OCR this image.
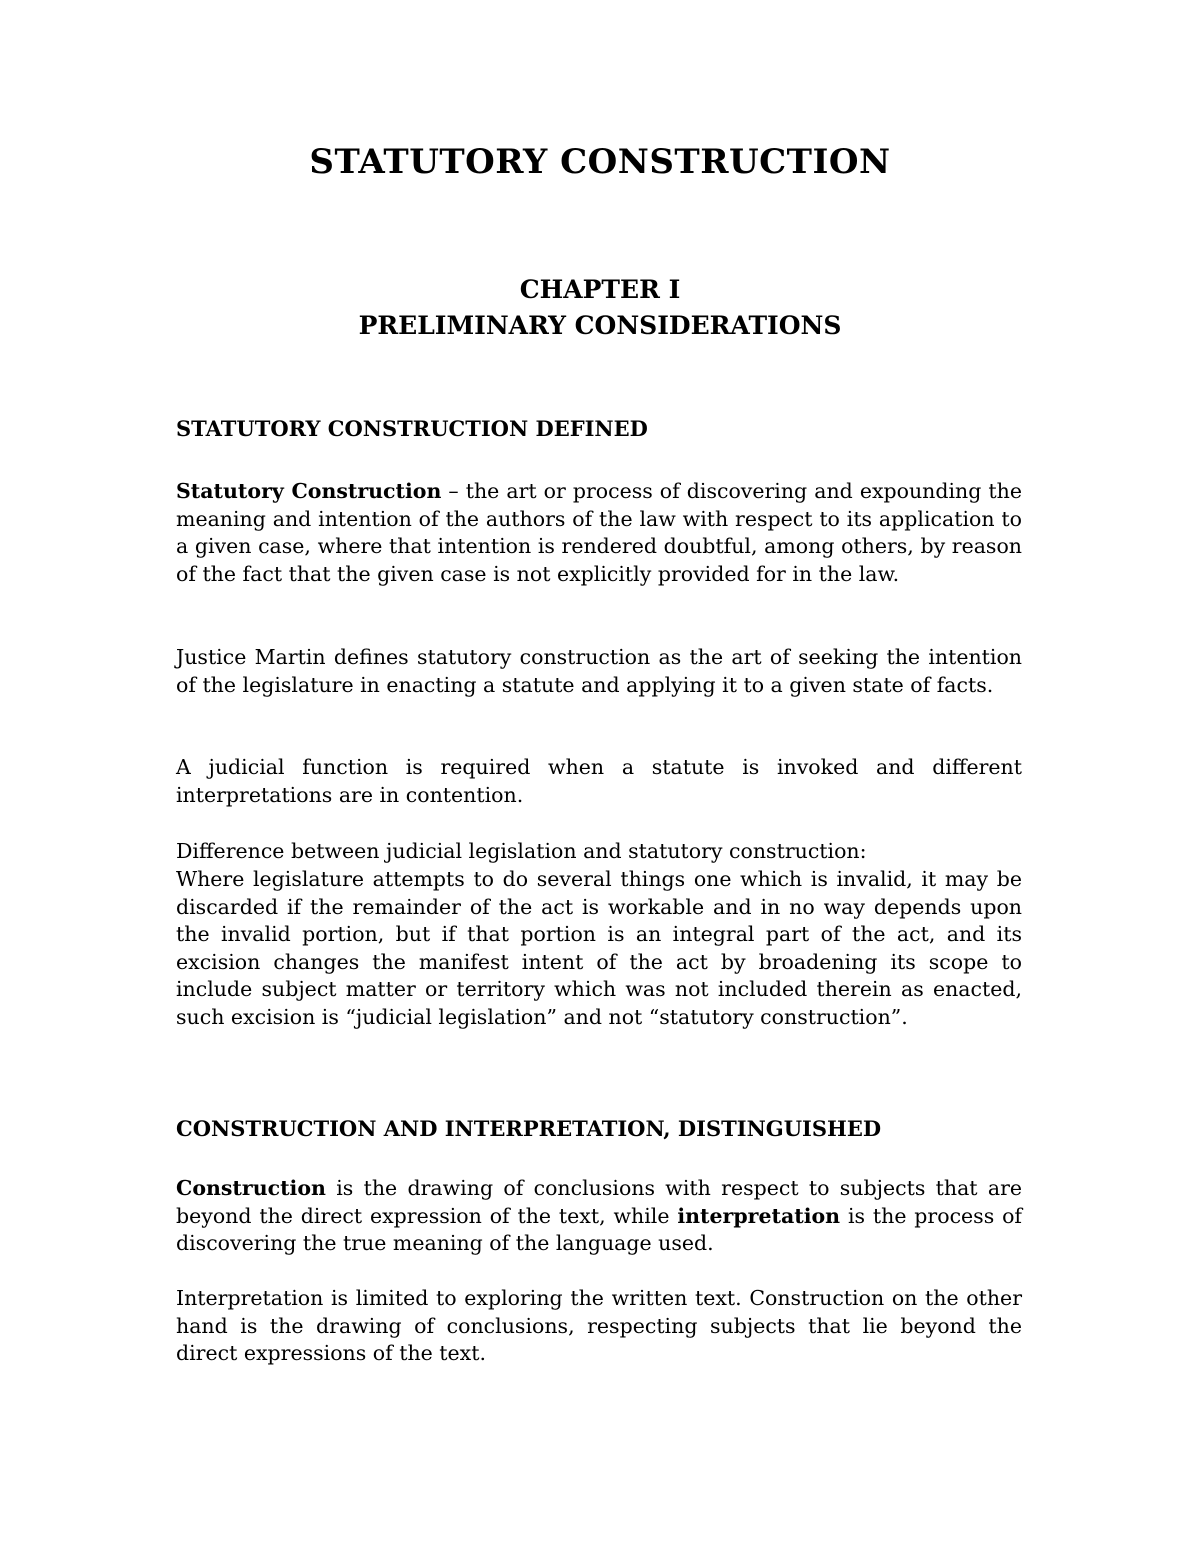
STATUTORY CONSTRUCTION
CHAPTER I
PRELIMINARY CONSIDERATIONS
STATUTORY CONSTRUCTION DEFINED

Statutory Construction – the art or process of discovering and expounding the meaning and intention of the authors of the law with respect to its application to a given case, where that intention is rendered doubtful, among others, by reason of the fact that the given case is not explicitly provided for in the law.

Justice Martin defines statutory construction as the art of seeking the intention of the legislature in enacting a statute and applying it to a given state of facts.

A judicial function is required when a statute is invoked and different interpretations are in contention.

Difference between judicial legislation and statutory construction:

Where legislature attempts to do several things one which is invalid, it may be discarded if the remainder of the act is workable and in no way depends upon the invalid portion, but if that portion is an integral part of the act, and its excision changes the manifest intent of the act by broadening its scope to include subject matter or territory which was not included therein as enacted, such excision is “judicial legislation” and not “statutory construction”.

CONSTRUCTION AND INTERPRETATION, DISTINGUISHED

Construction is the drawing of conclusions with respect to subjects that are beyond the direct expression of the text, while interpretation is the process of discovering the true meaning of the language used.

Interpretation is limited to exploring the written text. Construction on the other hand is the drawing of conclusions, respecting subjects that lie beyond the direct expressions of the text.
